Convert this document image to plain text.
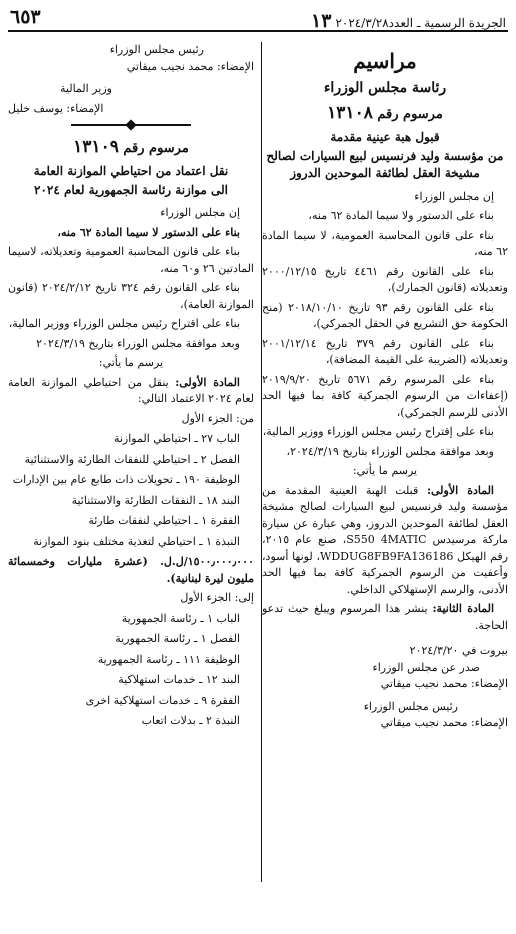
الجريدة الرسمية ـ العدد١٣ ٢٠٢٤/٣/٢٨
٦٥٣
مراسيم
رئاسة مجلس الوزراء
مرسوم رقم ١٣١٠٨
قبول هبة عينية مقدمة
من مؤسسة وليد فرنسيس لبيع السيارات لصالح مشيخة العقل لطائفة الموحدين الدروز

إن مجلس الوزراء

بناء على الدستور ولا سيما المادة ٦٢ منه،

بناء على قانون المحاسبة العمومية، لا سيما المادة ٦٢ منه،

بناء على القانون رقم ٤٤٦١ تاريخ ٢٠٠٠/١٢/١٥ وتعديلاته (قانون الجمارك)،

بناء على القانون رقم ٩٣ تاريخ ٢٠١٨/١٠/١٠ (منح الحكومة حق التشريع في الحقل الجمركي)،

بناء على القانون رقم ٣٧٩ تاريخ ٢٠٠١/١٢/١٤ وتعديلاته (الضريبة على القيمة المضافة)،

بناء على المرسوم رقم ٥٦٧١ تاريخ ٢٠١٩/٩/٢٠ (إعفاءات من الرسوم الجمركية كافة بما فيها الحد الأدنى للرسم الجمركي)،

بناء على إقتراح رئيس مجلس الوزراء ووزير المالية،

وبعد موافقة مجلس الوزراء بتاريخ ٢٠٢٤/٣/١٩،

يرسم ما يأتي:

المادة الأولى: قبلت الهبة العينية المقدمة من مؤسسة وليد فرنسيس لبيع السيارات لصالح مشيخة العقل لطائفة الموحدين الدروز، وهي عبارة عن سيارة ماركة مرسيدس S550 4MATIC، صنع عام ٢٠١٥، رقم الهيكل WDDUG8FB9FA136186، لونها أسود، وأعفيت من الرسوم الجمركية كافة بما فيها الحد الأدنى، والرسم الإستهلاكي الداخلي.

المادة الثانية: ينشر هذا المرسوم ويبلغ حيث تدعو الحاجة.

بيروت في ٢٠٢٤/٣/٢٠

صدر عن مجلس الوزراء

الإمضاء: محمد نجيب ميقاتي

رئيس مجلس الوزراء

الإمضاء: محمد نجيب ميقاتي

رئيس مجلس الوزراء

الإمضاء: محمد نجيب ميقاتي

وزير المالية

الإمضاء: يوسف خليل

مرسوم رقم ١٣١٠٩
نقل اعتماد من احتياطي الموازنة العامة
الى موازنة رئاسة الجمهورية لعام ٢٠٢٤

إن مجلس الوزراء

بناء على الدستور لا سيما المادة ٦٢ منه،

بناء على قانون المحاسبة العمومية وتعديلاته، لاسيما المادتين ٢٦ و٦٠ منه،

بناء على القانون رقم ٣٢٤ تاريخ ٢٠٢٤/٢/١٢ (قانون الموازنة العامة)،

بناء على اقتراح رئيس مجلس الوزراء ووزير المالية،

وبعد موافقة مجلس الوزراء بتاريخ ٢٠٢٤/٣/١٩

يرسم ما يأتي:

المادة الأولى: ينقل من احتياطي الموازنة العامة لعام ٢٠٢٤ الاعتماد التالي:

من: الجزء الأول

الباب ٢٧ ـ احتياطي الموازنة

الفصل ٢ ـ احتياطي للنفقات الطارئة والاستثنائية

الوظيفة ١٩٠ ـ تحويلات ذات طابع عام بين الإدارات

البند ١٨ ـ النفقات الطارئة والاستثنائية

الفقرة ١ ـ احتياطي لنفقات طارئة

النبذة ١ ـ احتياطي لتغذية مختلف بنود الموازنة

١٥٠٠٫٠٠٠٫٠٠٠/ل.ل. (عشرة مليارات وخمسمائة مليون ليرة لبنانية).

إلى: الجزء الأول

الباب ١ ـ رئاسة الجمهورية

الفصل ١ ـ رئاسة الجمهورية

الوظيفة ١١١ ـ رئاسة الجمهورية

البند ١٢ ـ خدمات استهلاكية

الفقرة ٩ ـ خدمات استهلاكية اخرى

النبذة ٢ ـ بدلات اتعاب
